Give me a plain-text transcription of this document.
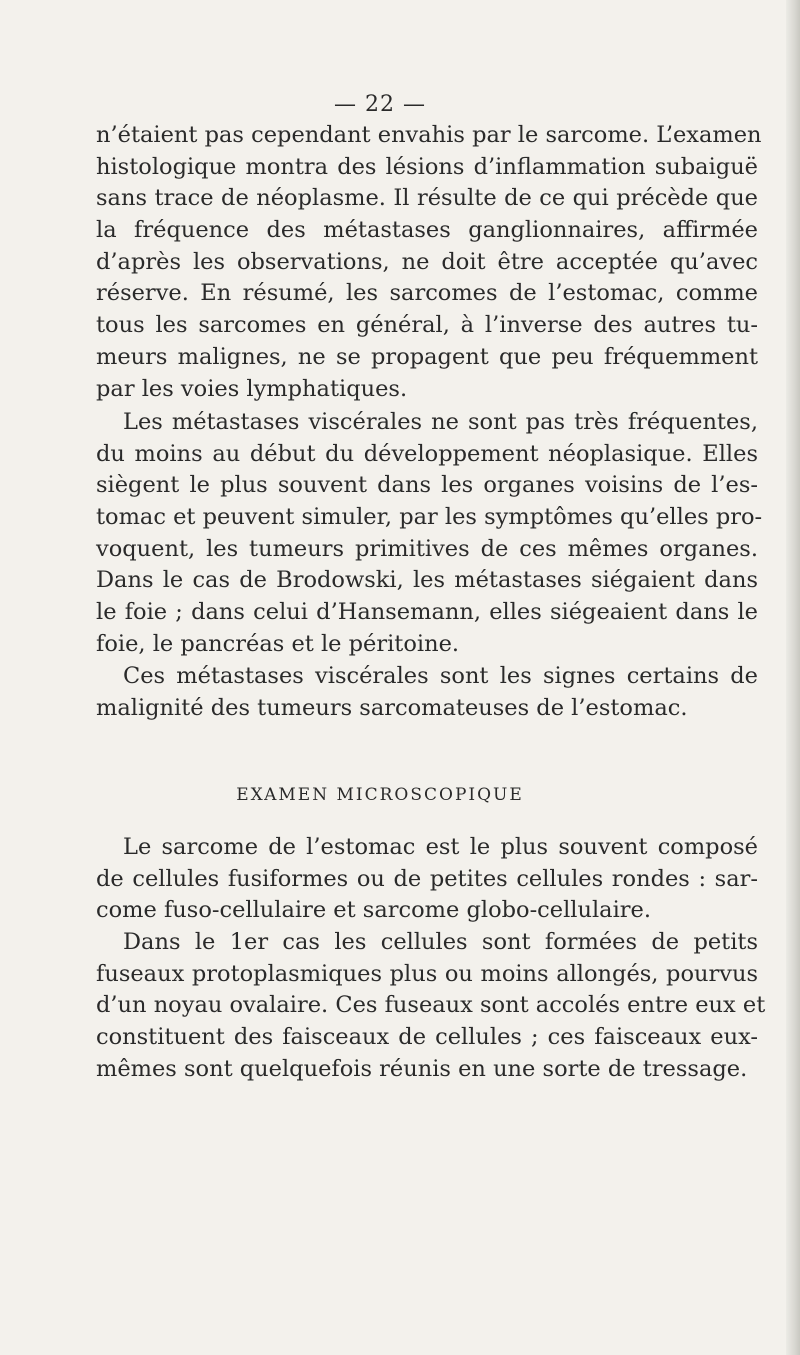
— 22 —
n’étaient pas cependant envahis par le sarcome. L’examen
histologique montra des lésions d’inflammation subaiguë
sans trace de néoplasme. Il résulte de ce qui précède que
la fréquence des métastases ganglionnaires, affirmée
d’après les observations, ne doit être acceptée qu’avec
réserve. En résumé, les sarcomes de l’estomac, comme
tous les sarcomes en général, à l’inverse des autres tu-
meurs malignes, ne se propagent que peu fréquemment
par les voies lymphatiques.
Les métastases viscérales ne sont pas très fréquentes,
du moins au début du développement néoplasique. Elles
siègent le plus souvent dans les organes voisins de l’es-
tomac et peuvent simuler, par les symptômes qu’elles pro-
voquent, les tumeurs primitives de ces mêmes organes.
Dans le cas de Brodowski, les métastases siégaient dans
le foie ; dans celui d’Hansemann, elles siégeaient dans le
foie, le pancréas et le péritoine.
Ces métastases viscérales sont les signes certains de
malignité des tumeurs sarcomateuses de l’estomac.
EXAMEN MICROSCOPIQUE
Le sarcome de l’estomac est le plus souvent composé
de cellules fusiformes ou de petites cellules rondes : sar-
come fuso-cellulaire et sarcome globo-cellulaire.
Dans le 1er cas les cellules sont formées de petits
fuseaux protoplasmiques plus ou moins allongés, pourvus
d’un noyau ovalaire. Ces fuseaux sont accolés entre eux et
constituent des faisceaux de cellules ; ces faisceaux eux-
mêmes sont quelquefois réunis en une sorte de tressage.
